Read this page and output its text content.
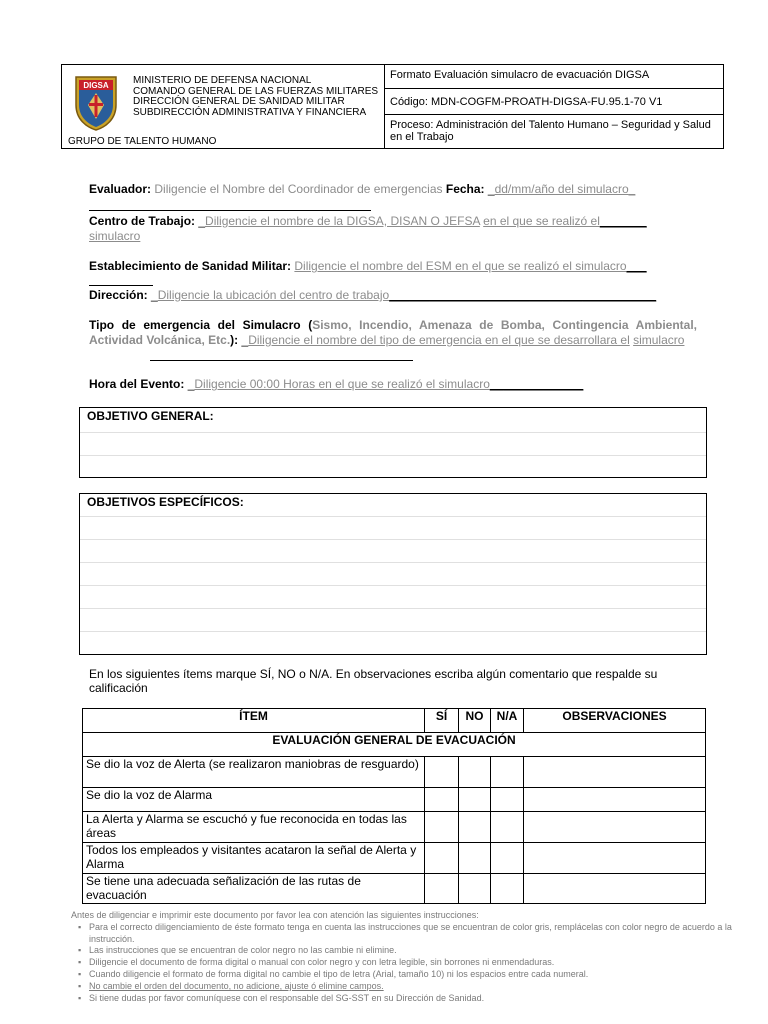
DIGSA MINISTERIO DE DEFENSA NACIONAL
COMANDO GENERAL DE LAS FUERZAS MILITARES
DIRECCIÓN GENERAL DE SANIDAD MILITAR
SUBDIRECCIÓN ADMINISTRATIVA Y FINANCIERA
GRUPO DE TALENTO HUMANO
Formato Evaluación simulacro de evacuación DIGSA
Código: MDN-COGFM-PROATH-DIGSA-FU.95.1-70 V1
Proceso: Administración del Talento Humano – Seguridad y Salud en el Trabajo
Evaluador: Diligencie el Nombre del Coordinador de emergencias Fecha: _dd/mm/año del simulacro_
Centro de Trabajo: _Diligencie el nombre de la DIGSA, DISAN O JEFSA en el que se realizó el_______
simulacro
Establecimiento de Sanidad Militar: Diligencie el nombre del ESM en el que se realizó el simulacro___
Dirección: _Diligencie la ubicación del centro de trabajo________________________________________
Tipo de emergencia del Simulacro (Sismo, Incendio, Amenaza de Bomba, Contingencia Ambiental, Actividad Volcánica, Etc.): _Diligencie el nombre del tipo de emergencia en el que se desarrollara el simulacro
Hora del Evento: _Diligencie 00:00 Horas en el que se realizó el simulacro______________
OBJETIVO GENERAL:
OBJETIVOS ESPECÍFICOS:
En los siguientes ítems marque SÍ, NO o N/A. En observaciones escriba algún comentario que respalde su calificación
ÍTEM	SÍ	NO	N/A	OBSERVACIONES
EVALUACIÓN GENERAL DE EVACUACIÓN				
Se dio la voz de Alerta (se realizaron maniobras de resguardo)				
Se dio la voz de Alarma				
La Alerta y Alarma se escuchó y fue reconocida en todas las áreas				
Todos los empleados y visitantes acataron la señal de Alerta y Alarma				
Se tiene una adecuada señalización de las rutas de evacuación				
Antes de diligenciar e imprimir este documento por favor lea con atención las siguientes instrucciones:
▪ Para el correcto diligenciamiento de éste formato tenga en cuenta las instrucciones que se encuentran de color gris, remplácelas con color negro de acuerdo a la instrucción.
▪ Las instrucciones que se encuentran de color negro no las cambie ni elimine.
▪ Diligencie el documento de forma digital o manual con color negro y con letra legible, sin borrones ni enmendaduras.
▪ Cuando diligencie el formato de forma digital no cambie el tipo de letra (Arial, tamaño 10) ni los espacios entre cada numeral.
▪ No cambie el orden del documento, no adicione, ajuste ó elimine campos.
▪ Si tiene dudas por favor comuníquese con el responsable del SG-SST en su Dirección de Sanidad.
